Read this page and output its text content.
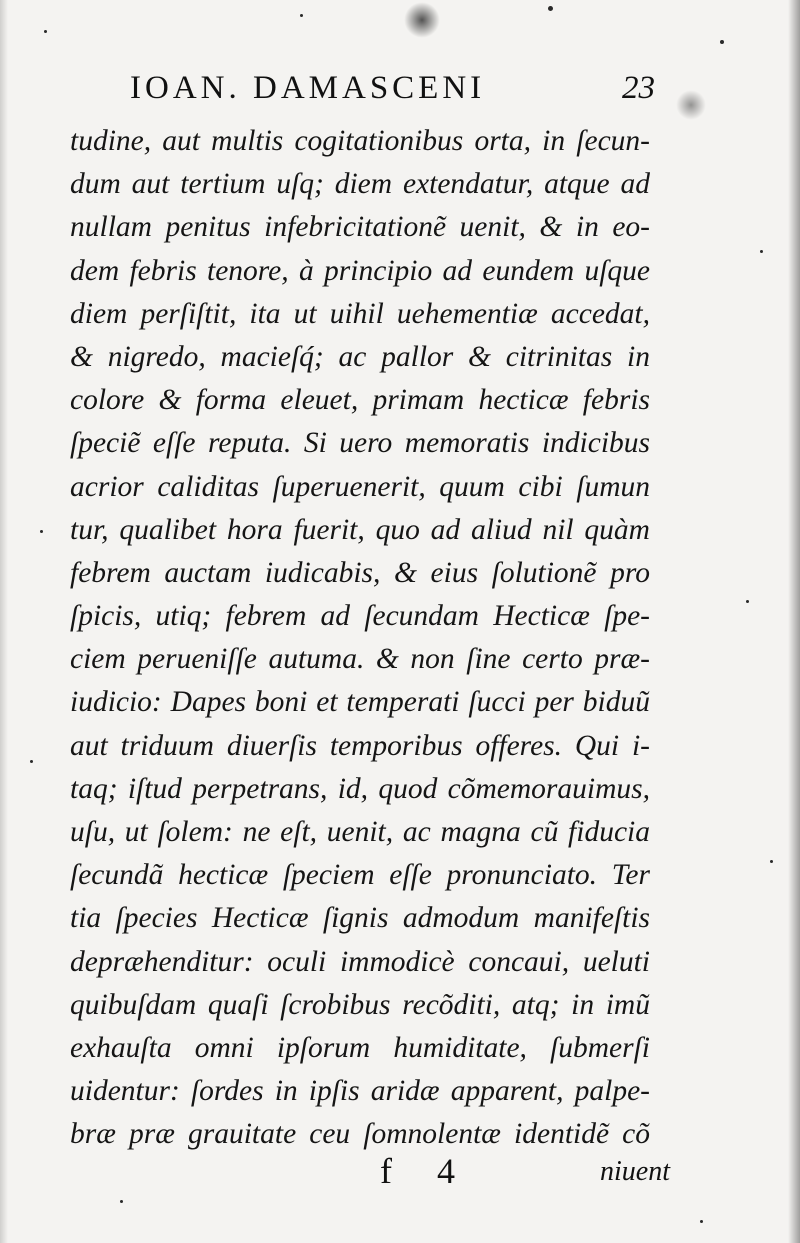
IOAN. DAMASCENI	23
tudine, aut multis cogitationibus orta, in ſecun-
dum aut tertium uſq; diem extendatur, atque ad
nullam penitus infebricitationẽ uenit, & in eo-
dem febris tenore, à principio ad eundem uſque
diem perſiſtit, ita ut uihil uehementiæ accedat,
& nigredo, macieſq́; ac pallor & citrinitas in
colore & forma eleuet, primam hecticæ febris
ſpeciẽ eſſe reputa. Si uero memoratis indicibus
acrior caliditas ſuperuenerit, quum cibi ſumun
tur, qualibet hora fuerit, quo ad aliud nil quàm
febrem auctam iudicabis, & eius ſolutionẽ pro
ſpicis, utiq; febrem ad ſecundam Hecticæ ſpe-
ciem perueniſſe autuma. & non ſine certo præ-
iudicio: Dapes boni et temperati ſucci per biduũ
aut triduum diuerſis temporibus offeres. Qui i-
taq; iſtud perpetrans, id, quod cõmemorauimus,
uſu, ut ſolem: ne eſt, uenit, ac magna cũ fiducia
ſecundã hecticæ ſpeciem eſſe pronunciato. Ter
tia ſpecies Hecticæ ſignis admodum manifeſtis
depræhenditur: oculi immodicè concaui, ueluti
quibuſdam quaſi ſcrobibus recõditi, atq; in imũ
exhauſta omni ipſorum humiditate, ſubmerſi
uidentur: ſordes in ipſis aridæ apparent, palpe-
bræ præ grauitate ceu ſomnolentæ identidẽ cõ
f 4	niuent
